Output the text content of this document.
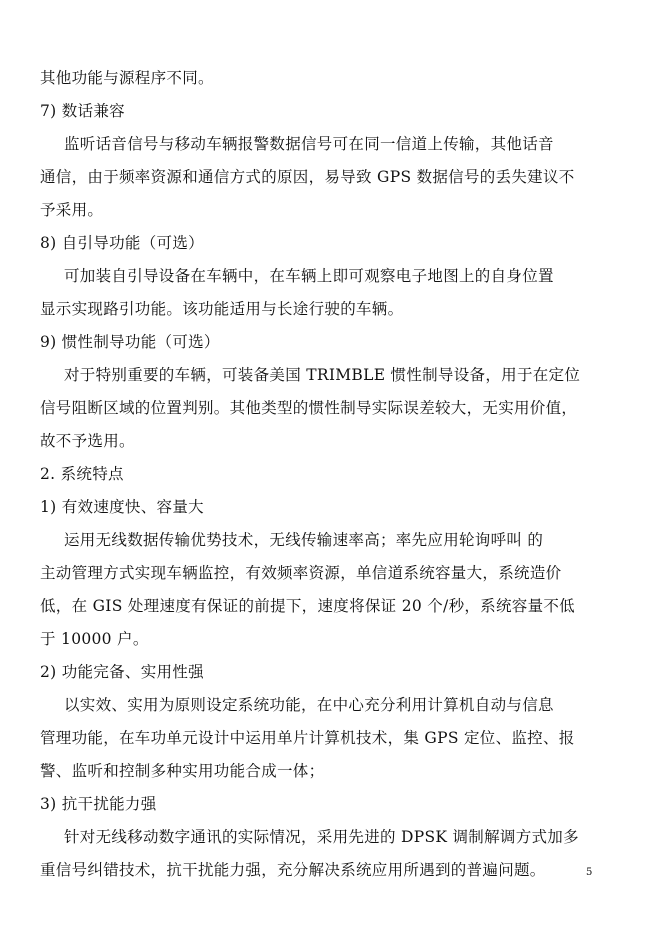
其他功能与源程序不同。
7) 数话兼容
监听话音信号与移动车辆报警数据信号可在同一信道上传输，其他话音
通信，由于频率资源和通信方式的原因，易导致 GPS 数据信号的丢失建议不
予采用。
8) 自引导功能（可选）
可加装自引导设备在车辆中，在车辆上即可观察电子地图上的自身位置
显示实现路引功能。该功能适用与长途行驶的车辆。
9) 惯性制导功能（可选）
对于特别重要的车辆，可装备美国 TRIMBLE 惯性制导设备，用于在定位
信号阻断区域的位置判别。其他类型的惯性制导实际误差较大，无实用价值，
故不予选用。
2. 系统特点
1) 有效速度快、容量大
运用无线数据传输优势技术，无线传输速率高；率先应用轮询呼叫 的
主动管理方式实现车辆监控，有效频率资源，单信道系统容量大，系统造价
低，在 GIS 处理速度有保证的前提下，速度将保证 20 个/秒，系统容量不低
于 10000 户。
2) 功能完备、实用性强
以实效、实用为原则设定系统功能，在中心充分利用计算机自动与信息
管理功能，在车功单元设计中运用单片计算机技术，集 GPS 定位、监控、报
警、监听和控制多种实用功能合成一体；
3) 抗干扰能力强
针对无线移动数字通讯的实际情况，采用先进的 DPSK 调制解调方式加多
重信号纠错技术，抗干扰能力强，充分解决系统应用所遇到的普遍问题。	5
